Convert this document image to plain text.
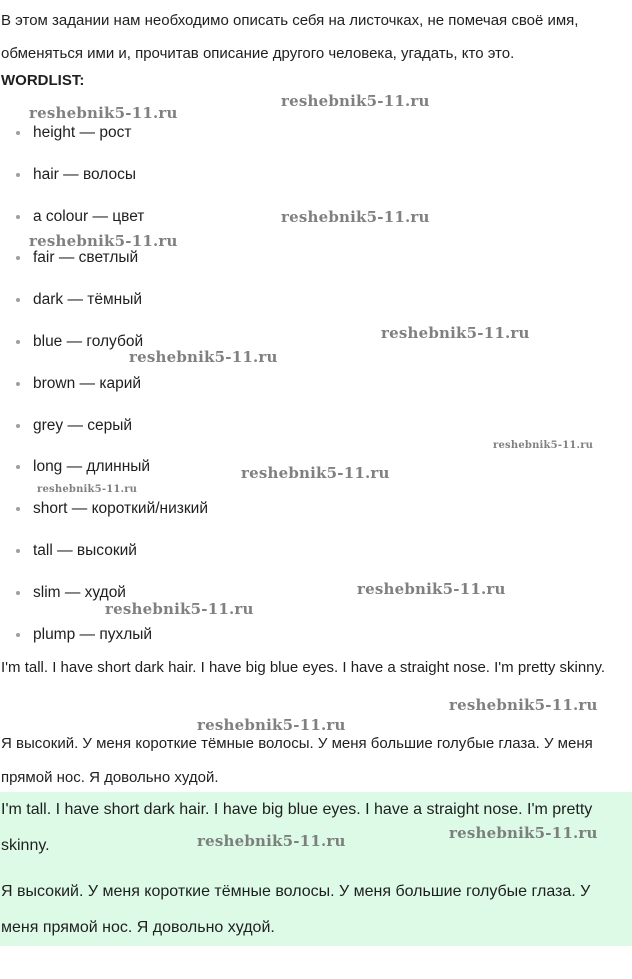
В этом задании нам необходимо описать себя на листочках, не помечая своё имя, обменяться ими и, прочитав описание другого человека, угадать, кто это.

WORDLIST:

height — рост
hair — волосы
a colour — цвет
fair — светлый
dark — тёмный
blue — голубой
brown — карий
grey — серый
long — длинный
short — короткий/низкий
tall — высокий
slim — худой
plump — пухлый

I'm tall. I have short dark hair. I have big blue eyes. I have a straight nose. I'm pretty skinny.

Я высокий. У меня короткие тёмные волосы. У меня большие голубые глаза. У меня прямой нос. Я довольно худой.

I'm tall. I have short dark hair. I have big blue eyes. I have a straight nose. I'm pretty skinny.

Я высокий. У меня короткие тёмные волосы. У меня большие голубые глаза. У меня прямой нос. Я довольно худой.

reshebnik5-11.ru
reshebnik5-11.ru
reshebnik5-11.ru
reshebnik5-11.ru
reshebnik5-11.ru
reshebnik5-11.ru
reshebnik5-11.ru
reshebnik5-11.ru
reshebnik5-11.ru
reshebnik5-11.ru
reshebnik5-11.ru
reshebnik5-11.ru
reshebnik5-11.ru
reshebnik5-11.ru
reshebnik5-11.ru
